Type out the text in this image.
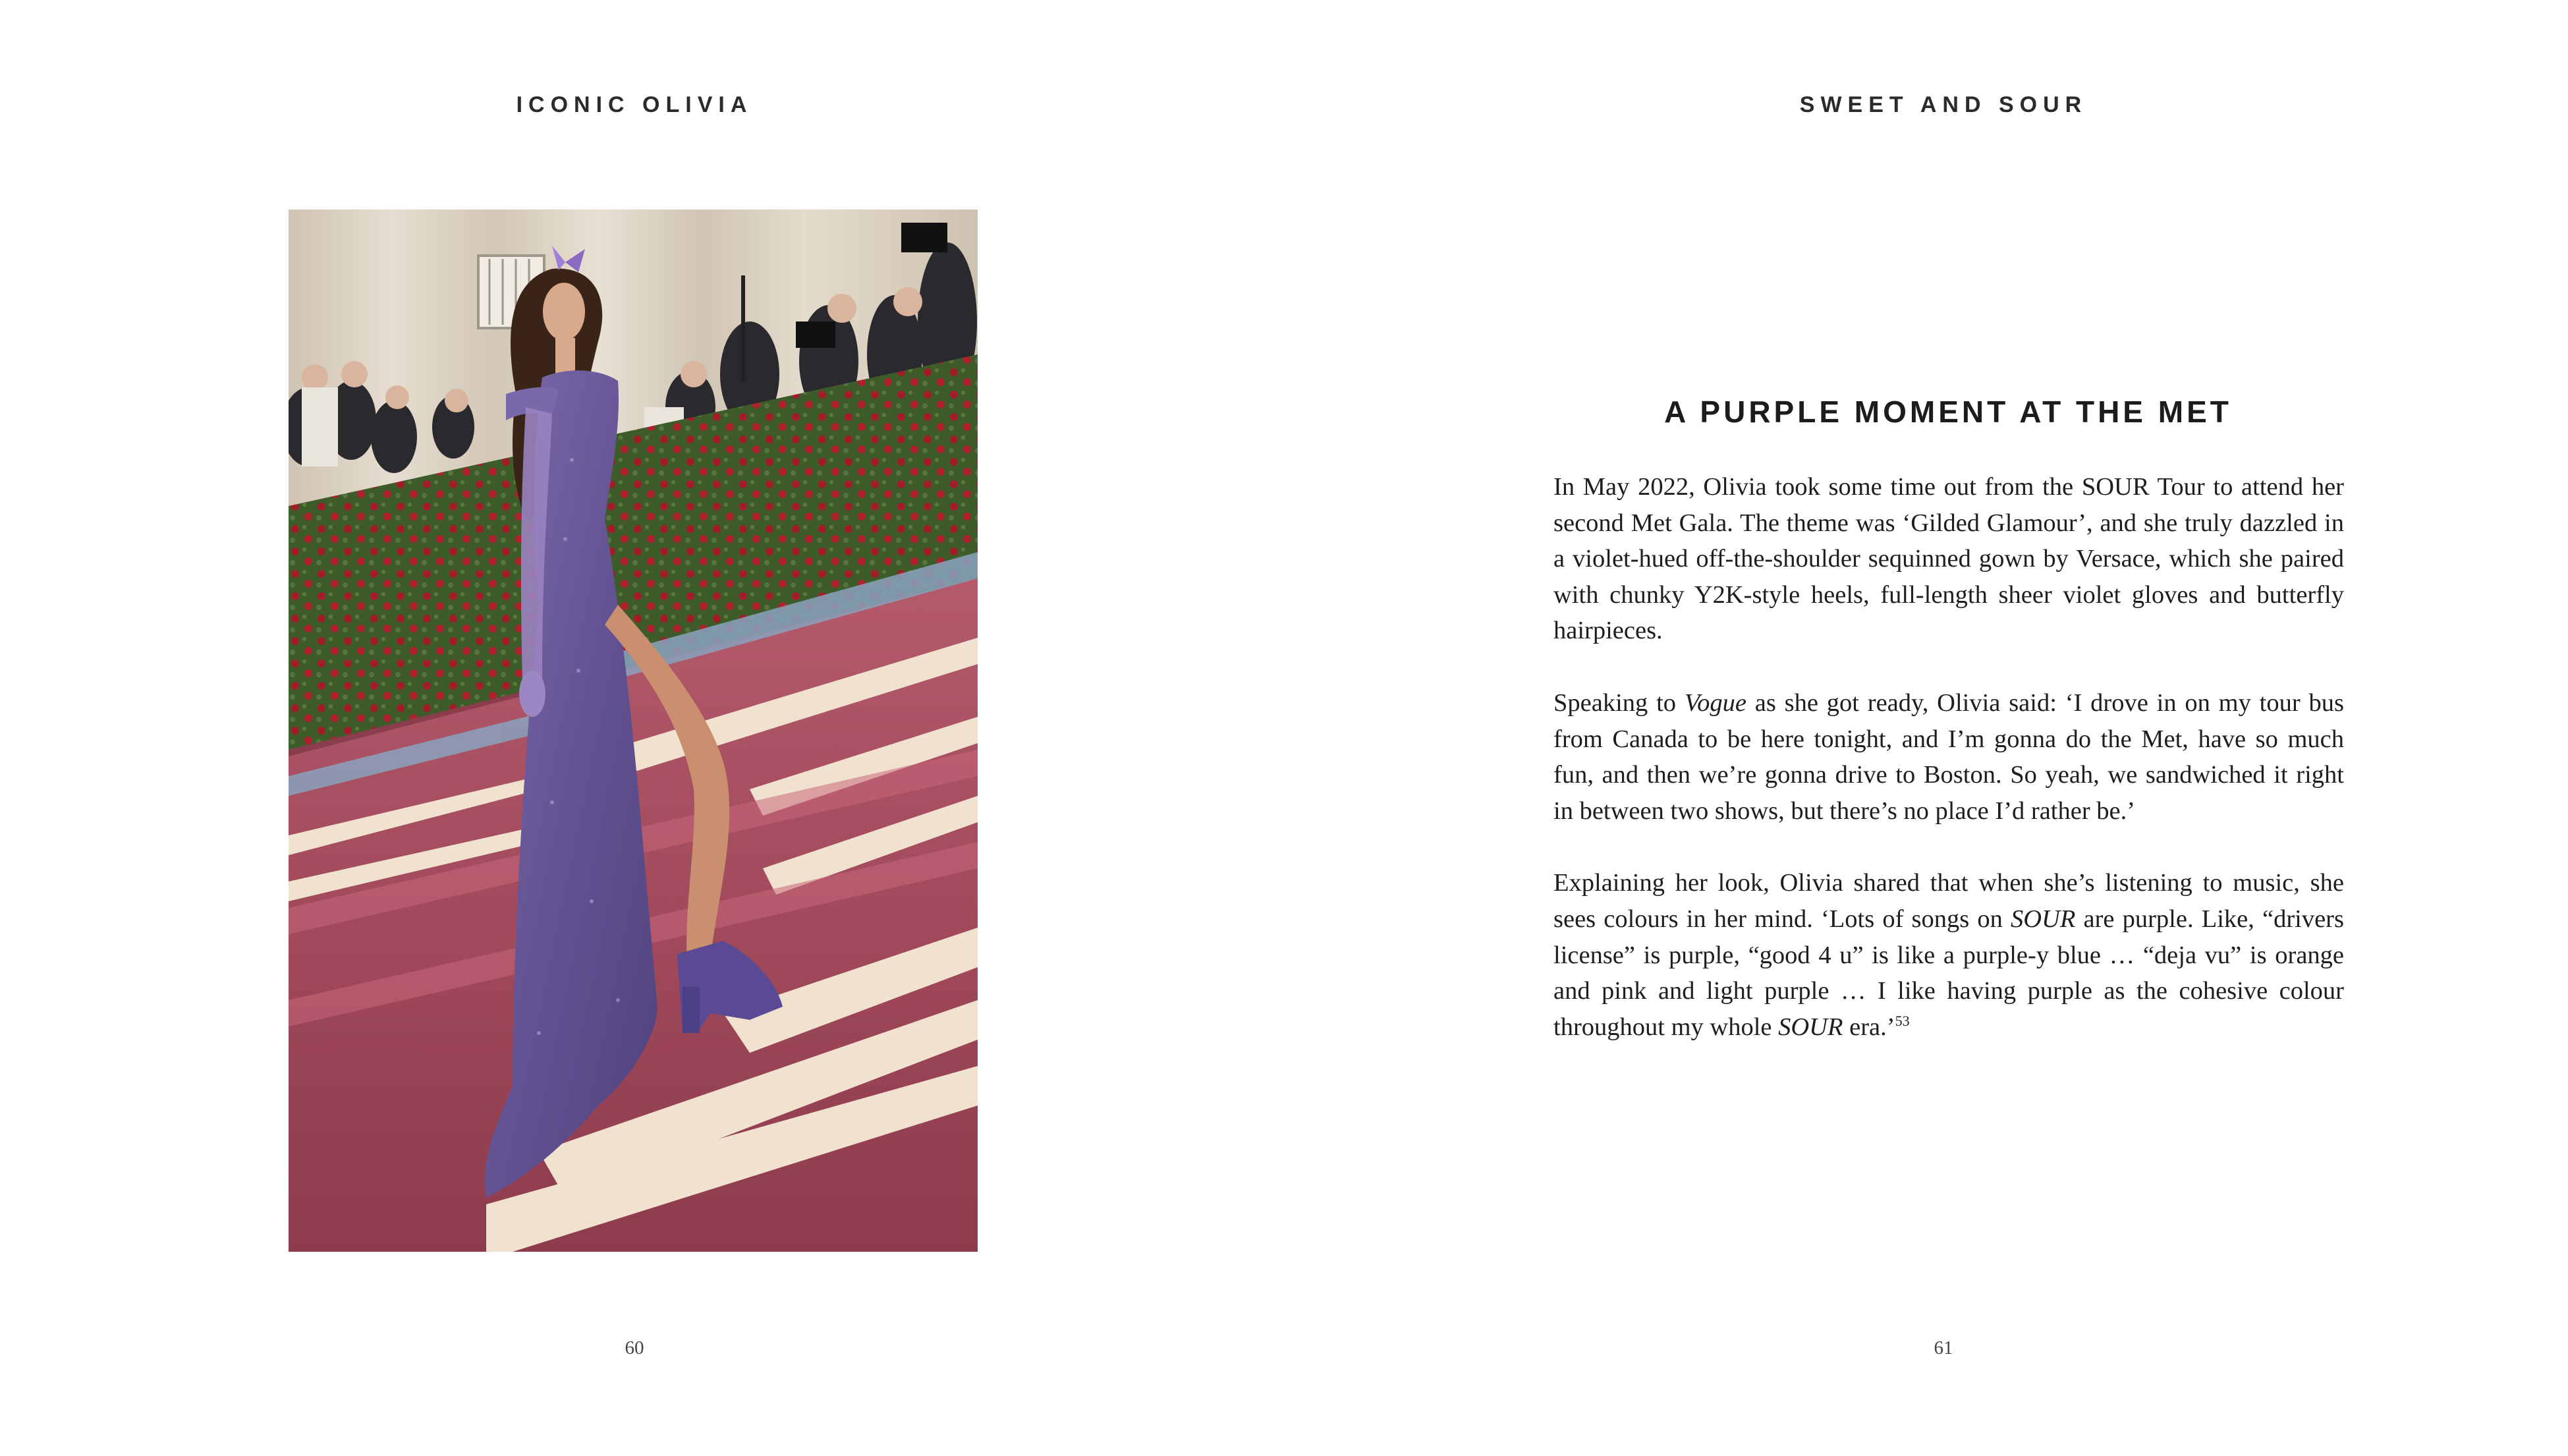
ICONIC OLIVIA
60
SWEET AND SOUR
61
A PURPLE MOMENT AT THE MET

In May 2022, Olivia took some time out from the SOUR Tour to attend her second Met Gala. The theme was ‘Gilded Glamour’, and she truly dazzled in a violet-hued off-the-shoulder sequinned gown by Versace, which she paired with chunky Y2K-style heels, full-length sheer violet gloves and butterfly hairpieces.

Speaking to Vogue as she got ready, Olivia said: ‘I drove in on my tour bus from Canada to be here tonight, and I’m gonna do the Met, have so much fun, and then we’re gonna drive to Boston. So yeah, we sandwiched it right in between two shows, but there’s no place I’d rather be.’

Explaining her look, Olivia shared that when she’s listening to music, she sees colours in her mind. ‘Lots of songs on SOUR are purple. Like, “drivers license” is purple, “good 4 u” is like a purple-y blue … “deja vu” is orange and pink and light purple … I like having purple as the cohesive colour throughout my whole SOUR era.’$^{53}$
